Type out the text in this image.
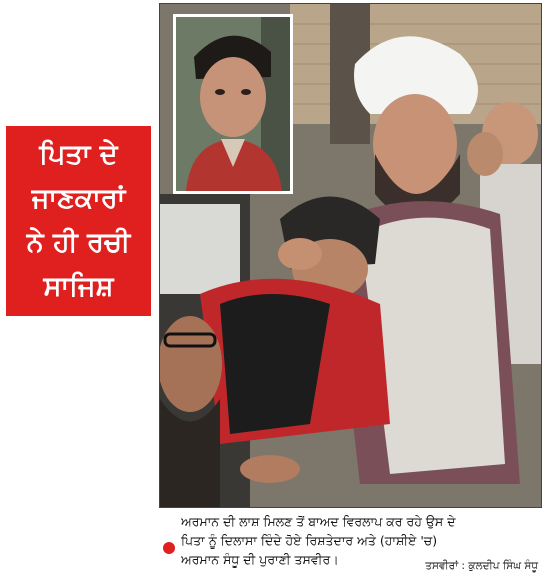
ਪਿਤਾ ਦੇ
ਜਾਣਕਾਰਾਂ
ਨੇ ਹੀ ਰਚੀ
ਸਾਜਿਸ਼
ਅਰਮਾਨ ਦੀ ਲਾਸ਼ ਮਿਲਣ ਤੋਂ ਬਾਅਦ ਵਿਰਲਾਪ ਕਰ ਰਹੇ ਉਸ ਦੇ
ਪਿਤਾ ਨੂੰ ਦਿਲਾਸਾ ਦਿੰਦੇ ਹੋਏ ਰਿਸ਼ਤੇਦਾਰ ਅਤੇ (ਹਾਸ਼ੀਏ 'ਚ)
ਅਰਮਾਨ ਸੰਧੂ ਦੀ ਪੁਰਾਣੀ ਤਸਵੀਰ।	ਤਸਵੀਰਾਂ : ਕੁਲਦੀਪ ਸਿੰਘ ਸੰਧੂ
